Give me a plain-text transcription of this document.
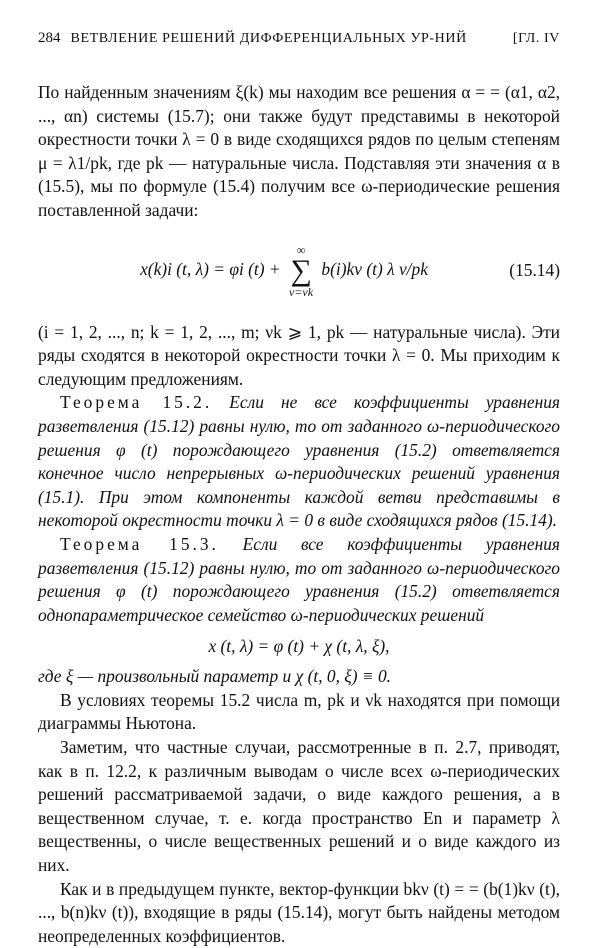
284 ВЕТВЛЕНИЕ РЕШЕНИЙ ДИФФЕРЕНЦИАЛЬНЫХ УР-НИЙ	[ГЛ. IV

По найденным значениям ξ(k) мы находим все решения α = = (α1, α2, ..., αn) системы (15.7); они также будут представимы в некоторой окрестности точки λ = 0 в виде сходящихся рядов по целым степеням μ = λ1/pk, где pk — натуральные числа. Подставляя эти значения α в (15.5), мы по формуле (15.4) получим все ω-периодические решения поставленной задачи:

x(k)i (t, λ) = φi (t) +
∞
∑
ν=νk
b(i)kν (t) λ ν/pk	(15.14)

(i = 1, 2, ..., n; k = 1, 2, ..., m; νk ⩾ 1, pk — натуральные числа). Эти ряды сходятся в некоторой окрестности точки λ = 0. Мы приходим к следующим предложениям.

Теорема 15.2. Если не все коэффициенты уравнения разветвления (15.12) равны нулю, то от заданного ω-периодического решения φ (t) порождающего уравнения (15.2) ответвляется конечное число непрерывных ω-периодических решений уравнения (15.1). При этом компоненты каждой ветви представимы в некоторой окрестности точки λ = 0 в виде сходящихся рядов (15.14).

Теорема 15.3. Если все коэффициенты уравнения разветвления (15.12) равны нулю, то от заданного ω-периодического решения φ (t) порождающего уравнения (15.2) ответвляется однопараметрическое семейство ω-периодических решений

x (t, λ) = φ (t) + χ (t, λ, ξ),

где ξ — произвольный параметр и χ (t, 0, ξ) ≡ 0.

В условиях теоремы 15.2 числа m, pk и νk находятся при помощи диаграммы Ньютона.

Заметим, что частные случаи, рассмотренные в п. 2.7, приводят, как в п. 12.2, к различным выводам о числе всех ω-периодических решений рассматриваемой задачи, о виде каждого решения, а в вещественном случае, т. е. когда пространство En и параметр λ вещественны, о числе вещественных решений и о виде каждого из них.

Как и в предыдущем пункте, вектор-функции bkν (t) = = (b(1)kν (t), ..., b(n)kν (t)), входящие в ряды (15.14), могут быть найдены методом неопределенных коэффициентов.
